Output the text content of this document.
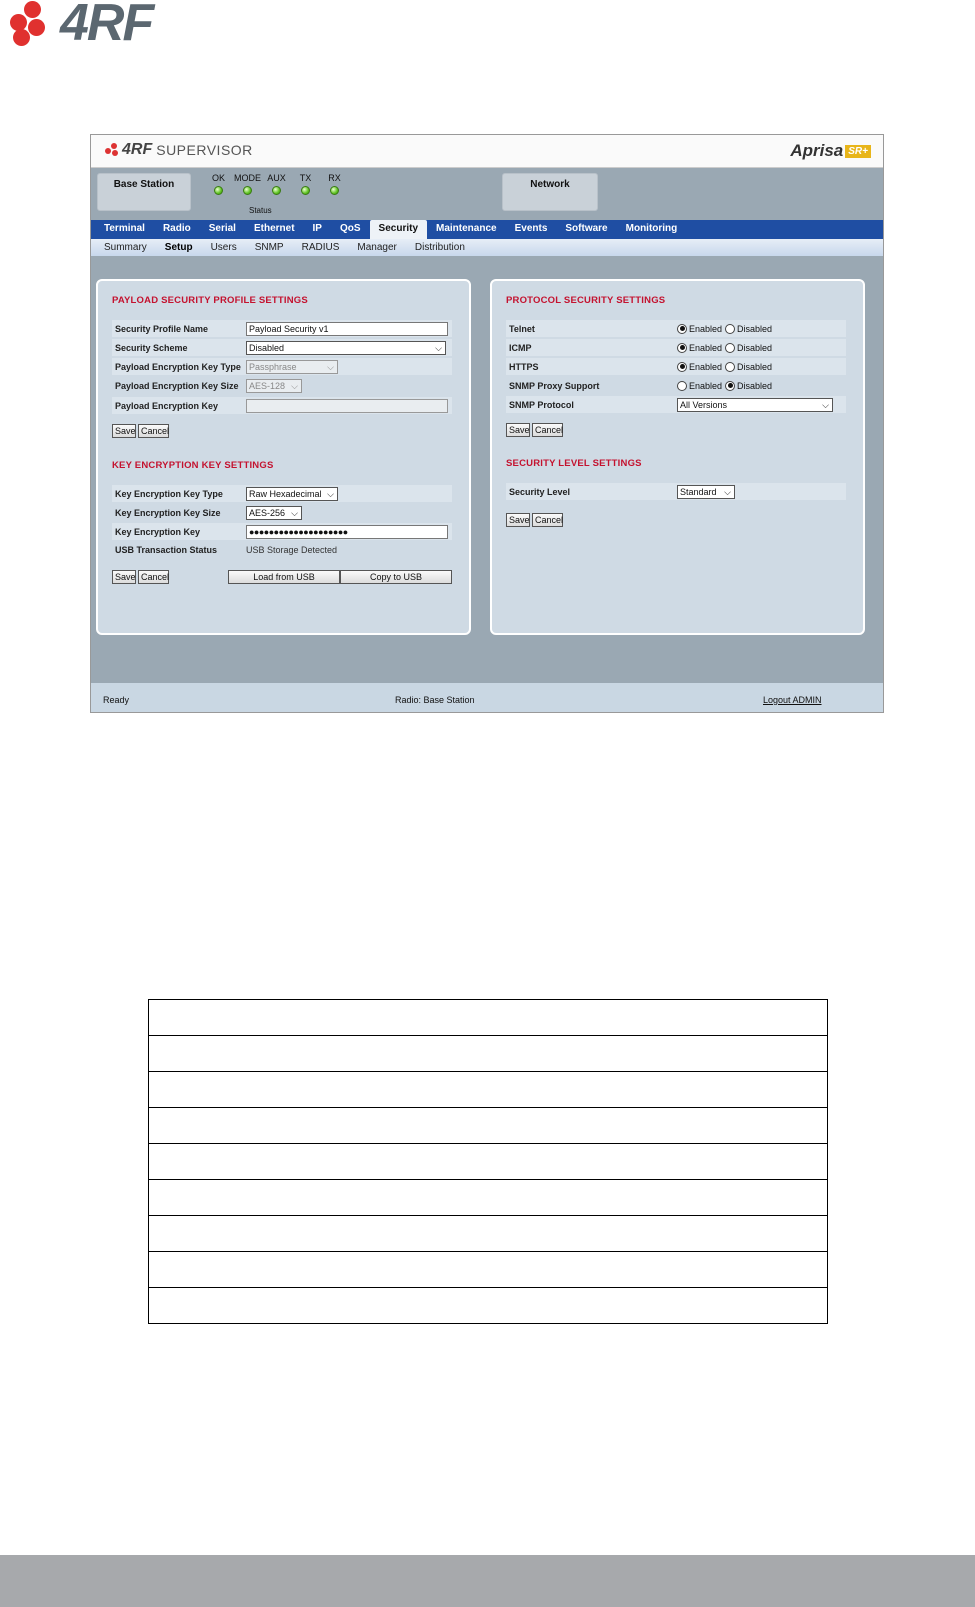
4RF
4RF SUPERVISOR	Aprisa SR+
Base Station
OK MODE AUX TX RX
Status
Network
Terminal	Radio	Serial	Ethernet	IP	QoS	Security	Maintenance	Events	Software	Monitoring
Summary	Setup	Users	SNMP	RADIUS	Manager	Distribution
PAYLOAD SECURITY PROFILE SETTINGS
Security Profile Name	Payload Security v1
Security Scheme	Disabled	⌵
Payload Encryption Key Type Passphrase	⌵
Payload Encryption Key Size	AES-128 ⌵
Payload Encryption Key
Save Cancel
KEY ENCRYPTION KEY SETTINGS
Key Encryption Key Type	Raw Hexadecimal ⌵
Key Encryption Key Size	AES-256 ⌵
Key Encryption Key	●●●●●●●●●●●●●●●●●●●●
USB Transaction Status	USB Storage Detected
Save Cancel	Load from USB	Copy to USB
PROTOCOL SECURITY SETTINGS
Telnet	Enabled Disabled
ICMP	Enabled Disabled
HTTPS	Enabled Disabled
SNMP Proxy Support	Enabled Disabled
SNMP Protocol	All Versions	⌵
Save Cancel
SECURITY LEVEL SETTINGS
Security Level	Standard ⌵
Save Cancel
Ready	Radio: Base Station	Logout ADMIN
